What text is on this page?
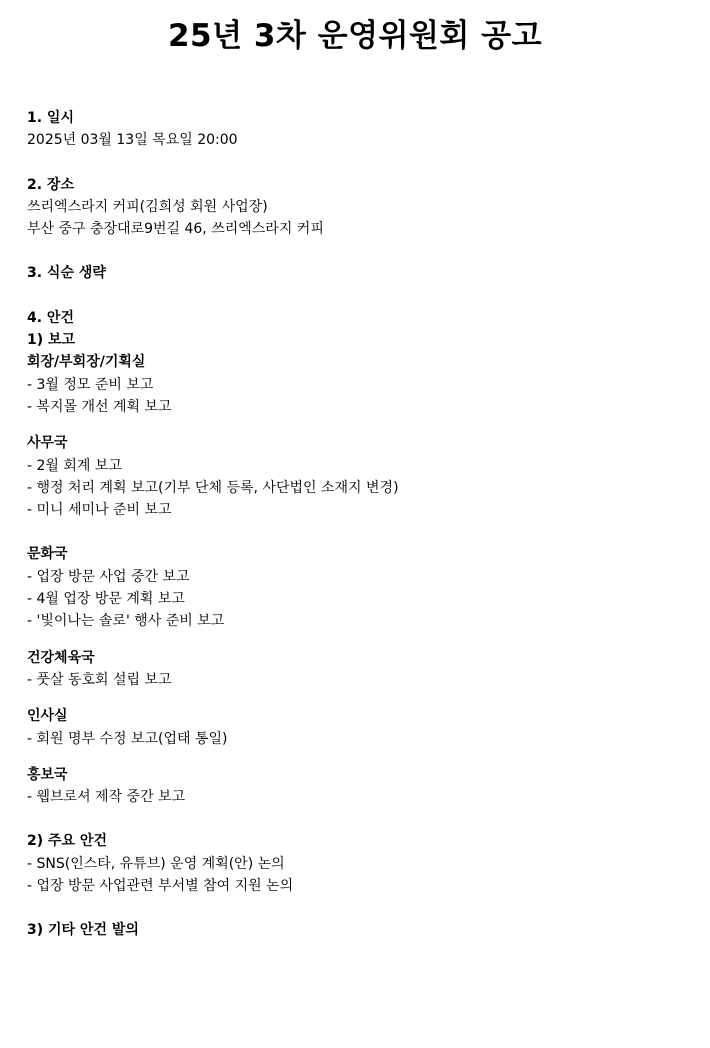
25년 3차 운영위원회 공고
1. 일시
2025년 03월 13일 목요일 20:00
2. 장소
쓰리엑스라지 커피(김희성 회원 사업장)
부산 중구 충장대로9번길 46, 쓰리엑스라지 커피
3. 식순 생략
4. 안건
1) 보고
회장/부회장/기획실
- 3월 정모 준비 보고
- 복지몰 개선 계획 보고
사무국
- 2월 회계 보고
- 행정 처리 계획 보고(기부 단체 등록, 사단법인 소재지 변경)
- 미니 세미나 준비 보고
문화국
- 업장 방문 사업 중간 보고
- 4월 업장 방문 계획 보고
- '빛이나는 솔로' 행사 준비 보고
건강체육국
- 풋살 동호회 설립 보고
인사실
- 회원 명부 수정 보고(업태 통일)
홍보국
- 웹브로셔 제작 중간 보고
2) 주요 안건
- SNS(인스타, 유튜브) 운영 계획(안) 논의
- 업장 방문 사업관련 부서별 참여 지원 논의
3) 기타 안건 발의
